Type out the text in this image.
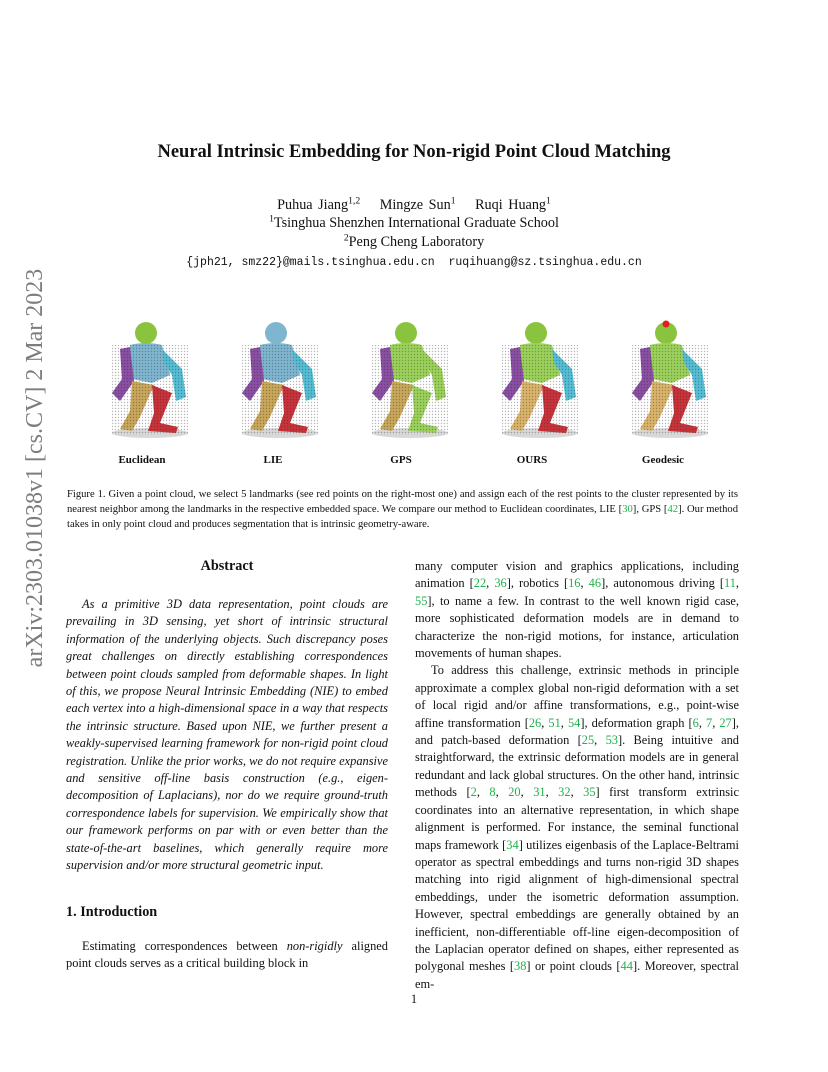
Neural Intrinsic Embedding for Non-rigid Point Cloud Matching
Puhua Jiang$^{1,2}$ Mingze Sun$^1$ Ruqi Huang$^1$
$^1$Tsinghua Shenzhen International Graduate School
$^2$Peng Cheng Laboratory
{jph21, smz22}@mails.tsinghua.edu.cn  ruqihuang@sz.tsinghua.edu.cn
arXiv:2303.01038v1 [cs.CV] 2 Mar 2023	Euclidean	LIE	GPS	OURS	Geodesic
Figure 1. Given a point cloud, we select 5 landmarks (see red points on the right-most one) and assign each of the rest points to the cluster represented by its nearest neighbor among the landmarks in the respective embedded space. We compare our method to Euclidean coordinates, LIE [30], GPS [42]. Our method takes in only point cloud and produces segmentation that is intrinsic geometry-aware.
Abstract
As a primitive 3D data representation, point clouds are prevailing in 3D sensing, yet short of intrinsic structural information of the underlying objects. Such discrepancy poses great challenges on directly establishing correspondences between point clouds sampled from deformable shapes. In light of this, we propose Neural Intrinsic Embedding (NIE) to embed each vertex into a high-dimensional space in a way that respects the intrinsic structure. Based upon NIE, we further present a weakly-supervised learning framework for non-rigid point cloud registration. Unlike the prior works, we do not require expansive and sensitive off-line basis construction (e.g., eigen-decomposition of Laplacians), nor do we require ground-truth correspondence labels for supervision. We empirically show that our framework performs on par with or even better than the state-of-the-art baselines, which generally require more supervision and/or more structural geometric input.
1. Introduction
Estimating correspondences between non-rigidly aligned point clouds serves as a critical building block in

many computer vision and graphics applications, including animation [22, 36], robotics [16, 46], autonomous driving [11, 55], to name a few. In contrast to the well known rigid case, more sophisticated deformation models are in demand to characterize the non-rigid motions, for instance, articulation movements of human shapes.

To address this challenge, extrinsic methods in principle approximate a complex global non-rigid deformation with a set of local rigid and/or affine transformations, e.g., point-wise affine transformation [26, 51, 54], deformation graph [6, 7, 27], and patch-based deformation [25, 53]. Being intuitive and straightforward, the extrinsic deformation models are in general redundant and lack global structures. On the other hand, intrinsic methods [2, 8, 20, 31, 32, 35] first transform extrinsic coordinates into an alternative representation, in which shape alignment is performed. For instance, the seminal functional maps framework [34] utilizes eigenbasis of the Laplace-Beltrami operator as spectral embeddings and turns non-rigid 3D shapes matching into rigid alignment of high-dimensional spectral embeddings, under the isometric deformation assumption. However, spectral embeddings are generally obtained by an inefficient, non-differentiable off-line eigen-decomposition of the Laplacian operator defined on shapes, either represented as polygonal meshes [38] or point clouds [44]. Moreover, spectral em-

1
